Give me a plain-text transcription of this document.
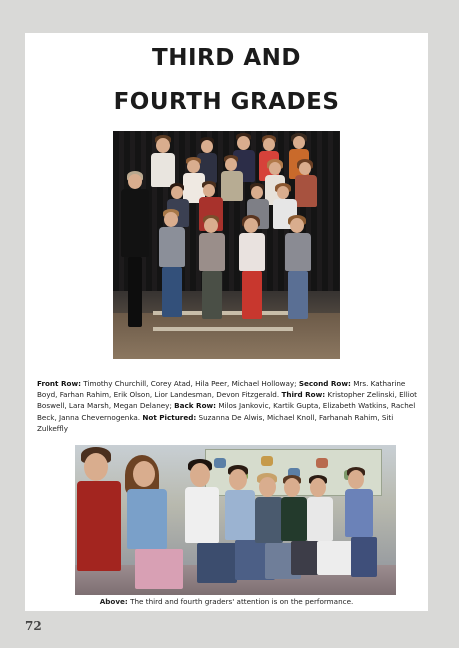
THIRD AND
FOURTH GRADES
Front Row: Timothy Churchill, Corey Atad, Hila Peer, Michael Holloway; Second Row: Mrs. Katharine Boyd, Farhan Rahim, Erik Olson, Lior Landesman, Devon Fitzgerald. Third Row: Kristopher Zelinski, Elliot Boswell, Lara Marsh, Megan Delaney; Back Row: Milos Jankovic, Kartik Gupta, Elizabeth Watkins, Rachel Beck, Janna Chevernogenka. Not Pictured: Suzanna De Alwis, Michael Knoll, Farhanah Rahim, Siti Zulkeffly
Above: The third and fourth graders' attention is on the performance.
72
